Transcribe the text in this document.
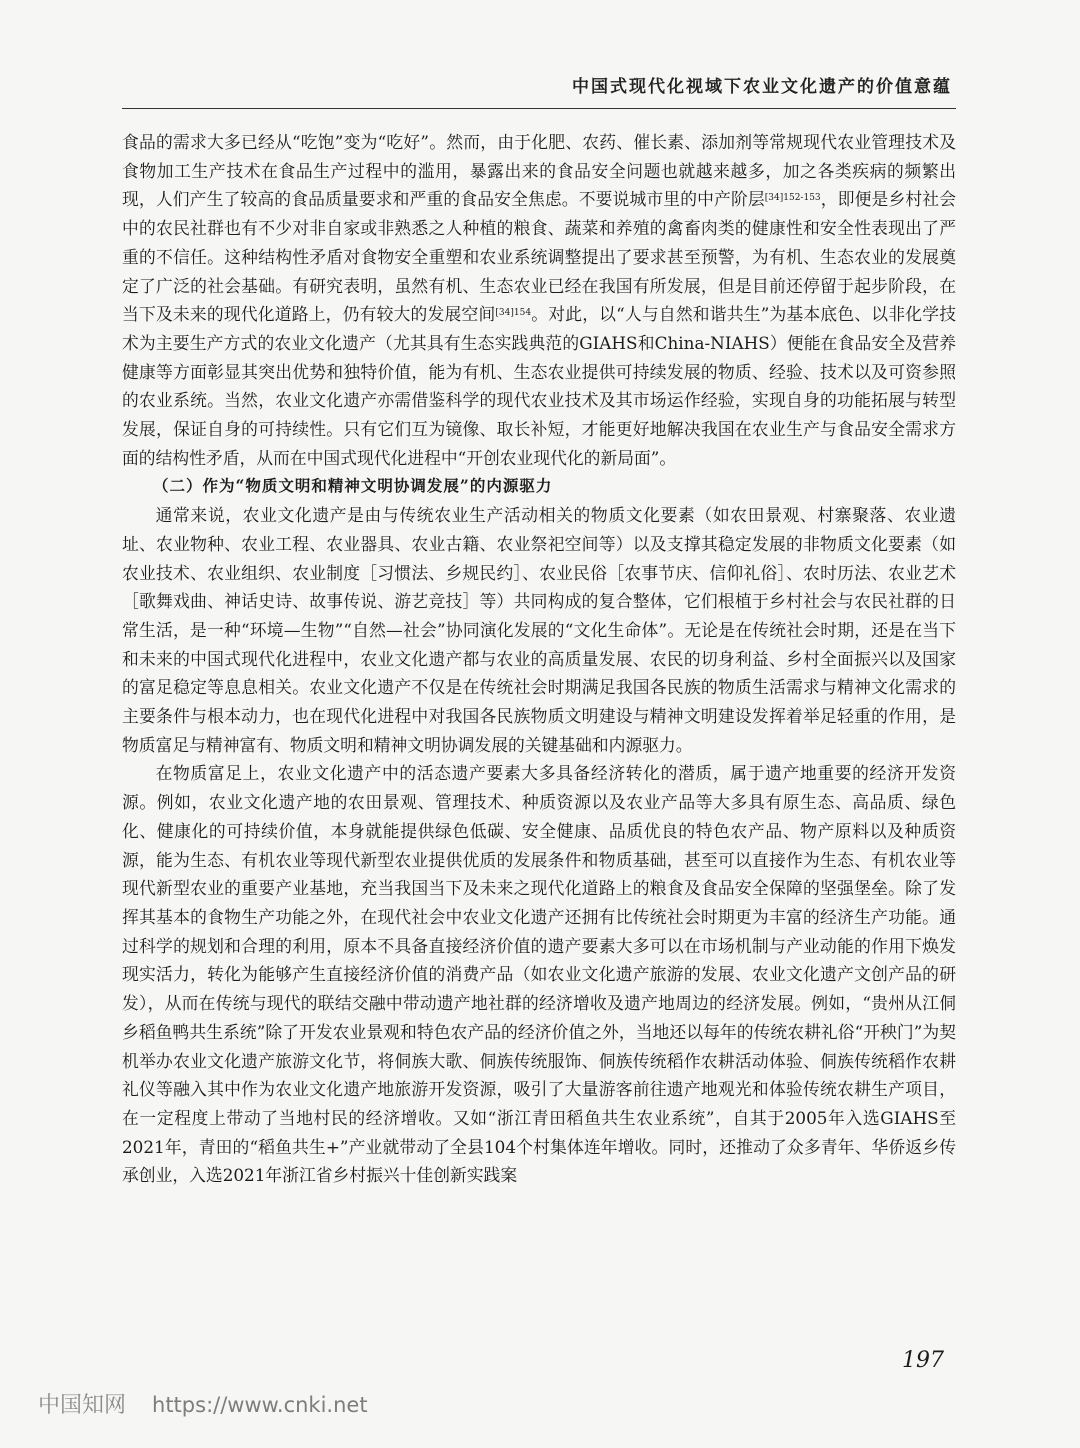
中国式现代化视域下农业文化遗产的价值意蕴

食品的需求大多已经从“吃饱”变为“吃好”。然而，由于化肥、农药、催长素、添加剂等常规现代农业管理技术及食物加工生产技术在食品生产过程中的滥用，暴露出来的食品安全问题也就越来越多，加之各类疾病的频繁出现，人们产生了较高的食品质量要求和严重的食品安全焦虑。不要说城市里的中产阶层$^{[34]152-153}$，即便是乡村社会中的农民社群也有不少对非自家或非熟悉之人种植的粮食、蔬菜和养殖的禽畜肉类的健康性和安全性表现出了严重的不信任。这种结构性矛盾对食物安全重塑和农业系统调整提出了要求甚至预警，为有机、生态农业的发展奠定了广泛的社会基础。有研究表明，虽然有机、生态农业已经在我国有所发展，但是目前还停留于起步阶段，在当下及未来的现代化道路上，仍有较大的发展空间$^{[34]154}$。对此，以“人与自然和谐共生”为基本底色、以非化学技术为主要生产方式的农业文化遗产（尤其具有生态实践典范的GIAHS和China-NIAHS）便能在食品安全及营养健康等方面彰显其突出优势和独特价值，能为有机、生态农业提供可持续发展的物质、经验、技术以及可资参照的农业系统。当然，农业文化遗产亦需借鉴科学的现代农业技术及其市场运作经验，实现自身的功能拓展与转型发展，保证自身的可持续性。只有它们互为镜像、取长补短，才能更好地解决我国在农业生产与食品安全需求方面的结构性矛盾，从而在中国式现代化进程中“开创农业现代化的新局面”。

（二）作为“物质文明和精神文明协调发展”的内源驱力

通常来说，农业文化遗产是由与传统农业生产活动相关的物质文化要素（如农田景观、村寨聚落、农业遗址、农业物种、农业工程、农业器具、农业古籍、农业祭祀空间等）以及支撑其稳定发展的非物质文化要素（如农业技术、农业组织、农业制度［习惯法、乡规民约］、农业民俗［农事节庆、信仰礼俗］、农时历法、农业艺术［歌舞戏曲、神话史诗、故事传说、游艺竞技］等）共同构成的复合整体，它们根植于乡村社会与农民社群的日常生活，是一种“环境—生物”“自然—社会”协同演化发展的“文化生命体”。无论是在传统社会时期，还是在当下和未来的中国式现代化进程中，农业文化遗产都与农业的高质量发展、农民的切身利益、乡村全面振兴以及国家的富足稳定等息息相关。农业文化遗产不仅是在传统社会时期满足我国各民族的物质生活需求与精神文化需求的主要条件与根本动力，也在现代化进程中对我国各民族物质文明建设与精神文明建设发挥着举足轻重的作用，是物质富足与精神富有、物质文明和精神文明协调发展的关键基础和内源驱力。

在物质富足上，农业文化遗产中的活态遗产要素大多具备经济转化的潜质，属于遗产地重要的经济开发资源。例如，农业文化遗产地的农田景观、管理技术、种质资源以及农业产品等大多具有原生态、高品质、绿色化、健康化的可持续价值，本身就能提供绿色低碳、安全健康、品质优良的特色农产品、物产原料以及种质资源，能为生态、有机农业等现代新型农业提供优质的发展条件和物质基础，甚至可以直接作为生态、有机农业等现代新型农业的重要产业基地，充当我国当下及未来之现代化道路上的粮食及食品安全保障的坚强堡垒。除了发挥其基本的食物生产功能之外，在现代社会中农业文化遗产还拥有比传统社会时期更为丰富的经济生产功能。通过科学的规划和合理的利用，原本不具备直接经济价值的遗产要素大多可以在市场机制与产业动能的作用下焕发现实活力，转化为能够产生直接经济价值的消费产品（如农业文化遗产旅游的发展、农业文化遗产文创产品的研发），从而在传统与现代的联结交融中带动遗产地社群的经济增收及遗产地周边的经济发展。例如，“贵州从江侗乡稻鱼鸭共生系统”除了开发农业景观和特色农产品的经济价值之外，当地还以每年的传统农耕礼俗“开秧门”为契机举办农业文化遗产旅游文化节，将侗族大歌、侗族传统服饰、侗族传统稻作农耕活动体验、侗族传统稻作农耕礼仪等融入其中作为农业文化遗产地旅游开发资源，吸引了大量游客前往遗产地观光和体验传统农耕生产项目，在一定程度上带动了当地村民的经济增收。又如“浙江青田稻鱼共生农业系统”，自其于2005年入选GIAHS至2021年，青田的“稻鱼共生+”产业就带动了全县104个村集体连年增收。同时，还推动了众多青年、华侨返乡传承创业，入选2021年浙江省乡村振兴十佳创新实践案

197
中国知网 https://www.cnki.net
